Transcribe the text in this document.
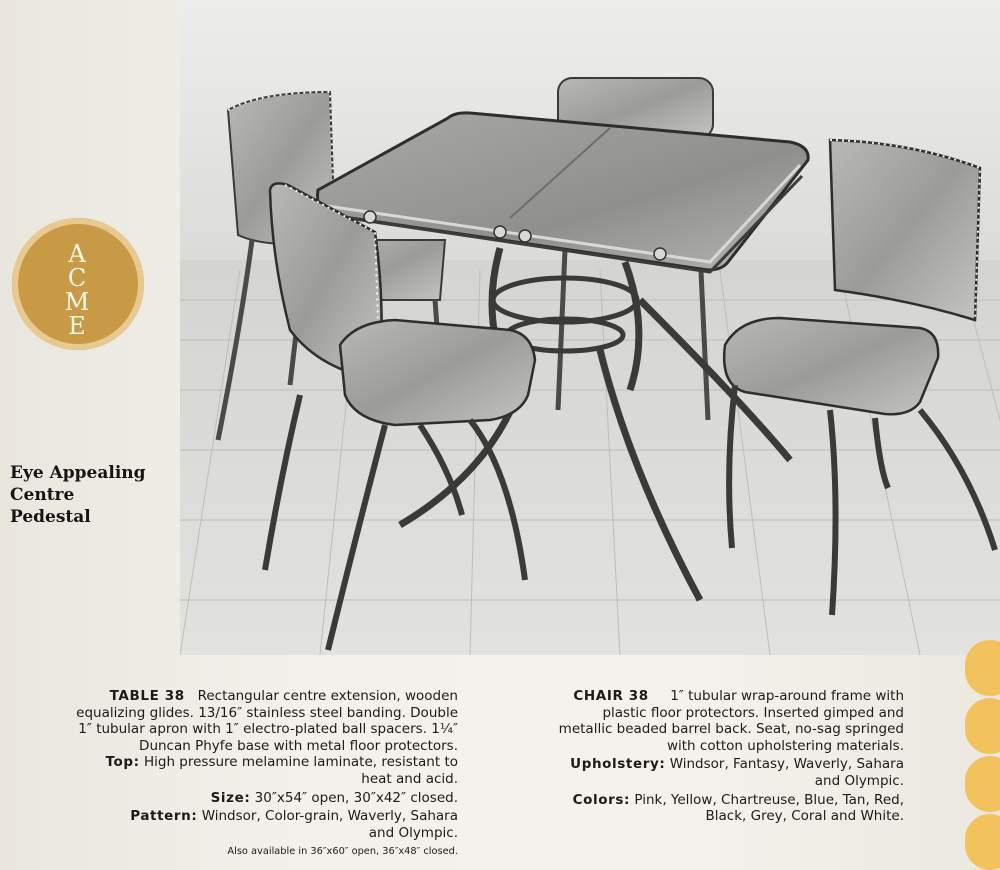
A
C
M
E
Eye Appealing
Centre
Pedestal
TABLE 38 Rectangular centre extension, wooden
equalizing glides. 13/16″ stainless steel banding. Double
1″ tubular apron with 1″ electro-plated ball spacers. 1¼″
Duncan Phyfe base with metal floor protectors.
Top: High pressure melamine laminate, resistant to
heat and acid.
Size: 30″x54″ open, 30″x42″ closed.
Pattern: Windsor, Color-grain, Waverly, Sahara
and Olympic.
Also available in 36″x60″ open, 36″x48″ closed.
CHAIR 38 1″ tubular wrap-around frame with
plastic floor protectors. Inserted gimped and
metallic beaded barrel back. Seat, no-sag springed
with cotton upholstering materials.
Upholstery: Windsor, Fantasy, Waverly, Sahara
and Olympic.
Colors: Pink, Yellow, Chartreuse, Blue, Tan, Red,
Black, Grey, Coral and White.
